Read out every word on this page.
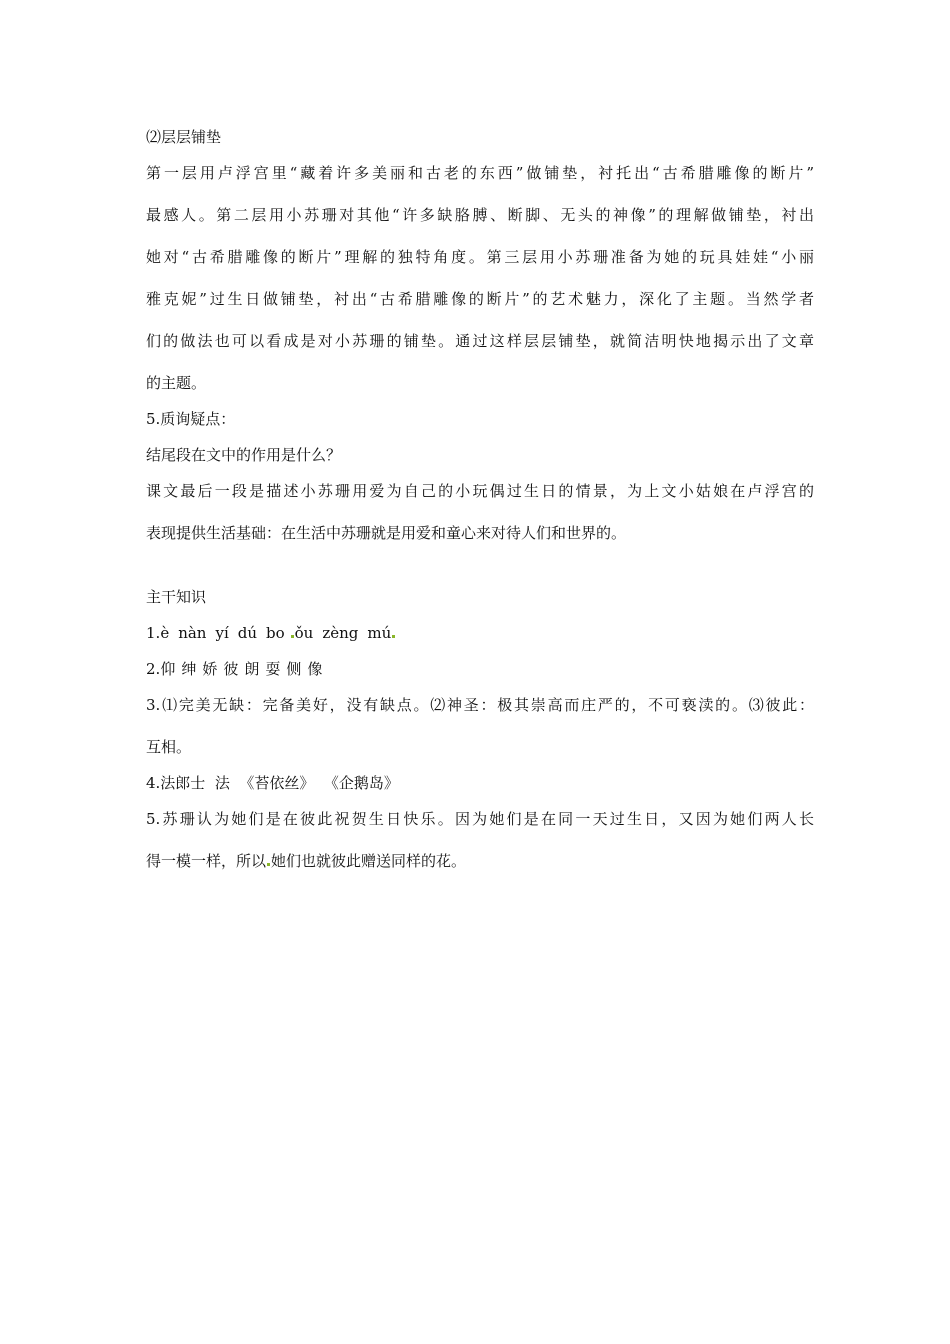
⑵层层铺垫
第一层用卢浮宫里“藏着许多美丽和古老的东西”做铺垫，衬托出“古希腊雕像的断片”
最感人。第二层用小苏珊对其他“许多缺胳膊、断脚、无头的神像”的理解做铺垫，衬出
她对“古希腊雕像的断片”理解的独特角度。第三层用小苏珊准备为她的玩具娃娃“小丽
雅克妮”过生日做铺垫，衬出“古希腊雕像的断片”的艺术魅力，深化了主题。当然学者
们的做法也可以看成是对小苏珊的铺垫。通过这样层层铺垫，就简洁明快地揭示出了文章
的主题。
5.质询疑点：
结尾段在文中的作用是什么？
课文最后一段是描述小苏珊用爱为自己的小玩偶过生日的情景，为上文小姑娘在卢浮宫的
表现提供生活基础：在生活中苏珊就是用爱和童心来对待人们和世界的。
主干知识
1.è nàn yí dú bo ǒu zèng mú
2.仰 绅 娇 彼 朗 耍 侧 像
3.⑴完美无缺：完备美好，没有缺点。⑵神圣：极其崇高而庄严的，不可亵渎的。⑶彼此：
互相。
4.法郎士  法  《苔依丝》  《企鹅岛》
5.苏珊认为她们是在彼此祝贺生日快乐。因为她们是在同一天过生日，又因为她们两人长
得一模一样，所以 她们也就彼此赠送同样的花。
